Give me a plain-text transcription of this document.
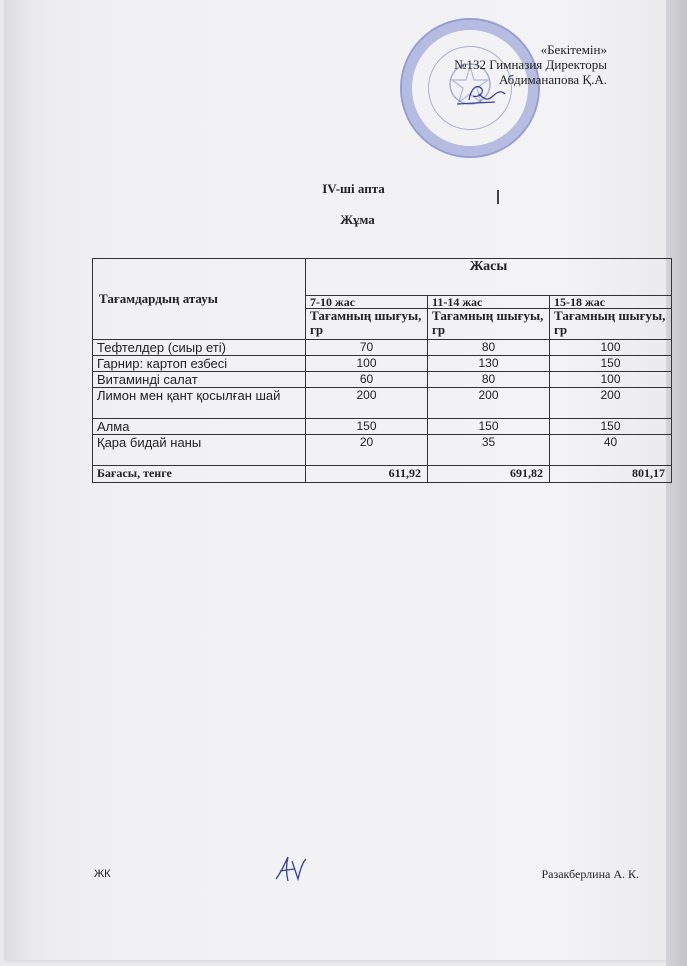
«Бекітемін»
№132 Гимназия Директоры
Абдиманапова Қ.А.
IV-ші апта
Жұма
Тағамдардың атауы	Жасы		
	7-10 жас	11-14 жас	15-18 жас
	Тағамның шығуы, гр	Тағамның шығуы, гр	Тағамның шығуы, гр
Тефтелдер (сиыр еті)	70	80	100
Гарнир: картоп езбесі	100	130	150
Витаминді салат	60	80	100
Лимон мен қант қосылған шай	200	200	200
Алма	150	150	150
Қара бидай наны	20	35	40
Бағасы, тенге	611,92	691,82	801,17
ЖК	Разакберлина А. К.
